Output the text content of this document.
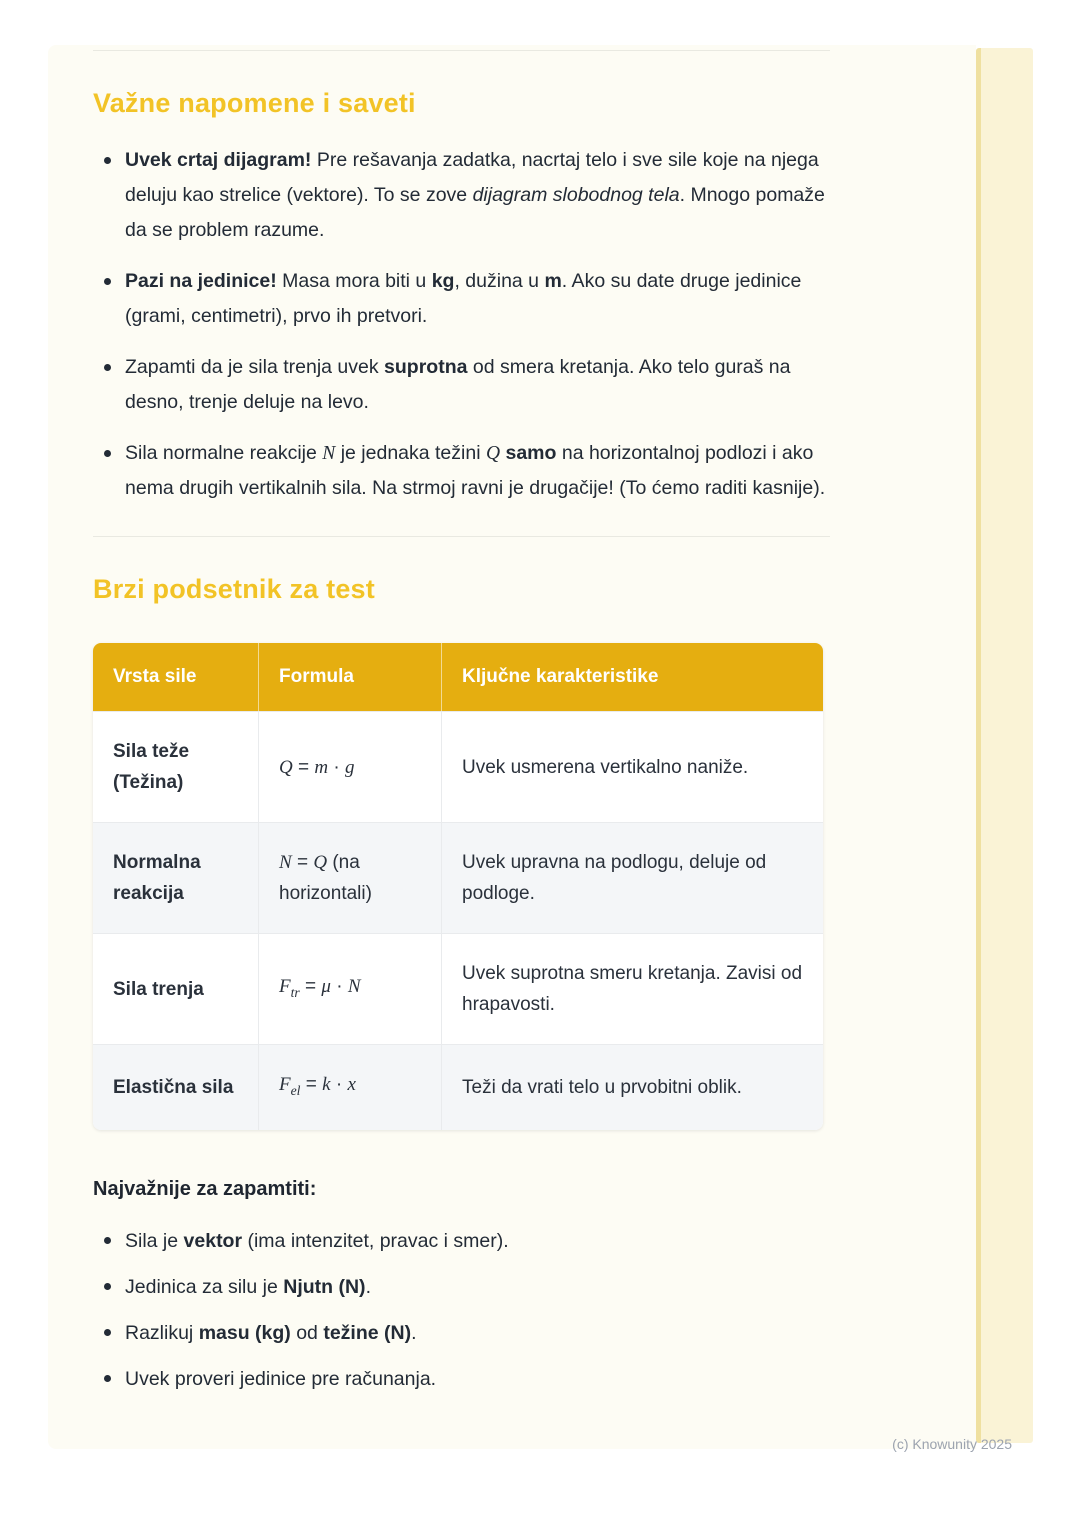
Važne napomene i saveti
Uvek crtaj dijagram! Pre rešavanja zadatka, nacrtaj telo i sve sile koje na njega deluju kao strelice (vektore). To se zove dijagram slobodnog tela. Mnogo pomaže da se problem razume.
Pazi na jedinice! Masa mora biti u kg, dužina u m. Ako su date druge jedinice (grami, centimetri), prvo ih pretvori.
Zapamti da je sila trenja uvek suprotna od smera kretanja. Ako telo guraš na desno, trenje deluje na levo.
Sila normalne reakcije N je jednaka težini Q samo na horizontalnoj podlozi i ako nema drugih vertikalnih sila. Na strmoj ravni je drugačije! (To ćemo raditi kasnije).
Brzi podsetnik za test
Vrsta sile	Formula	Ključne karakteristike
Sila teže (Težina)	Q = m · g	Uvek usmerena vertikalno naniže.
Normalna reakcija	N = Q (na horizontali)	Uvek upravna na podlogu, deluje od podloge.
Sila trenja	$F_{tr} = \mu \cdot N$	Uvek suprotna smeru kretanja. Zavisi od hrapavosti.
Elastična sila	$F_{el} = k \cdot x$	Teži da vrati telo u prvobitni oblik.
Najvažnije za zapamtiti:
Sila je vektor (ima intenzitet, pravac i smer).
Jedinica za silu je Njutn (N).
Razlikuj masu (kg) od težine (N).
Uvek proveri jedinice pre računanja.
(c) Knowunity 2025
